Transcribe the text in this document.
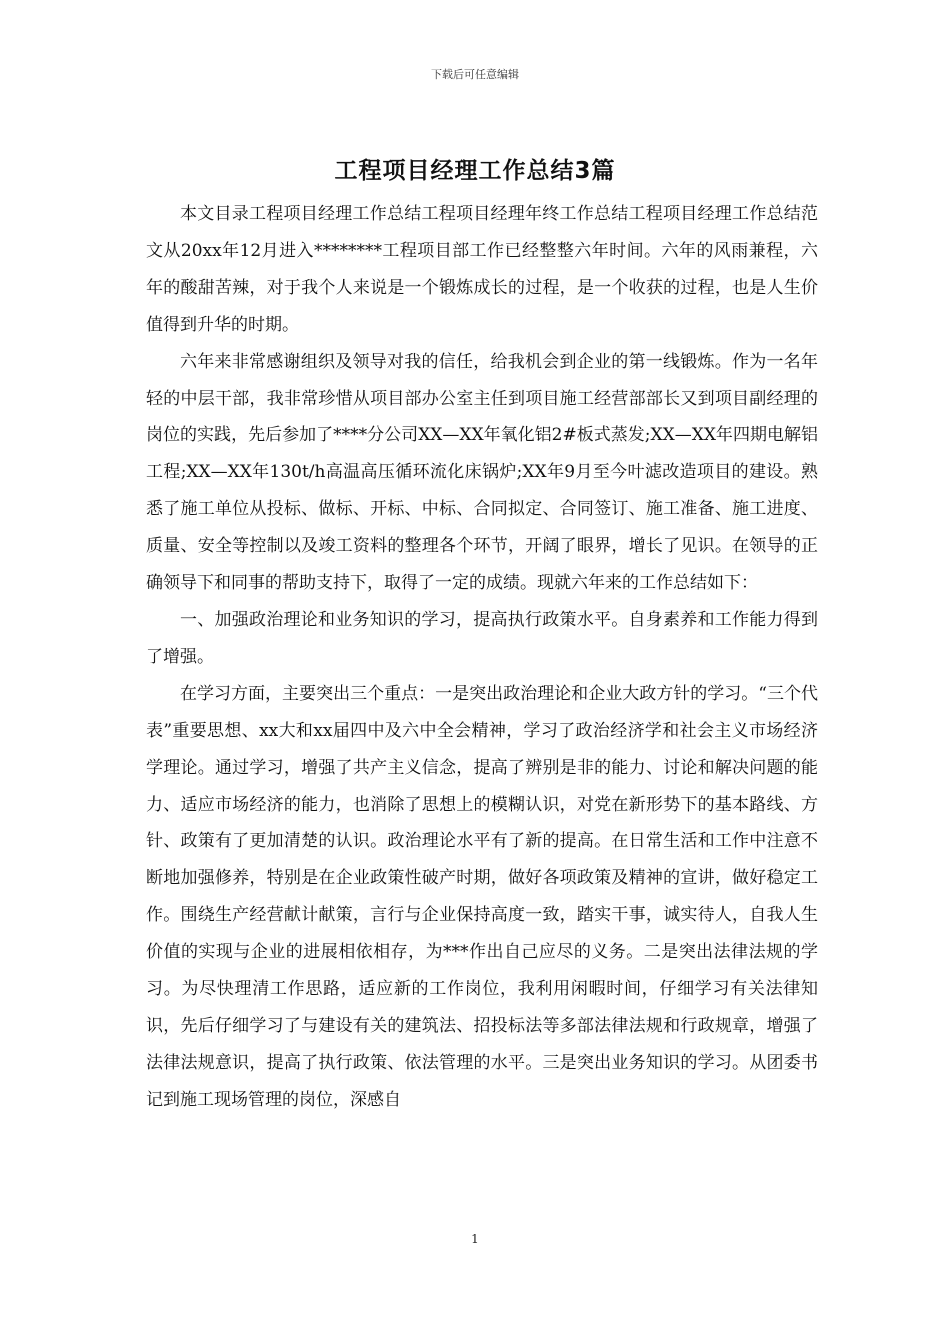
下载后可任意编辑
工程项目经理工作总结3篇

本文目录工程项目经理工作总结工程项目经理年终工作总结工程项目经理工作总结范文从20xx年12月进入********工程项目部工作已经整整六年时间。六年的风雨兼程，六年的酸甜苦辣，对于我个人来说是一个锻炼成长的过程，是一个收获的过程，也是人生价值得到升华的时期。

六年来非常感谢组织及领导对我的信任，给我机会到企业的第一线锻炼。作为一名年轻的中层干部，我非常珍惜从项目部办公室主任到项目施工经营部部长又到项目副经理的岗位的实践，先后参加了****分公司XX—XX年氧化铝2#板式蒸发;XX—XX年四期电解铝工程;XX—XX年130t/h高温高压循环流化床锅炉;XX年9月至今叶滤改造项目的建设。熟悉了施工单位从投标、做标、开标、中标、合同拟定、合同签订、施工准备、施工进度、质量、安全等控制以及竣工资料的整理各个环节，开阔了眼界，增长了见识。在领导的正确领导下和同事的帮助支持下，取得了一定的成绩。现就六年来的工作总结如下：

一、加强政治理论和业务知识的学习，提高执行政策水平。自身素养和工作能力得到了增强。

在学习方面，主要突出三个重点：一是突出政治理论和企业大政方针的学习。“三个代表”重要思想、xx大和xx届四中及六中全会精神，学习了政治经济学和社会主义市场经济学理论。通过学习，增强了共产主义信念，提高了辨别是非的能力、讨论和解决问题的能力、适应市场经济的能力，也消除了思想上的模糊认识，对党在新形势下的基本路线、方针、政策有了更加清楚的认识。政治理论水平有了新的提高。在日常生活和工作中注意不断地加强修养，特别是在企业政策性破产时期，做好各项政策及精神的宣讲，做好稳定工作。围绕生产经营献计献策，言行与企业保持高度一致，踏实干事，诚实待人，自我人生价值的实现与企业的进展相依相存，为***作出自己应尽的义务。二是突出法律法规的学习。为尽快理清工作思路，适应新的工作岗位，我利用闲暇时间，仔细学习有关法律知识，先后仔细学习了与建设有关的建筑法、招投标法等多部法律法规和行政规章，增强了法律法规意识，提高了执行政策、依法管理的水平。三是突出业务知识的学习。从团委书记到施工现场管理的岗位，深感自

1
